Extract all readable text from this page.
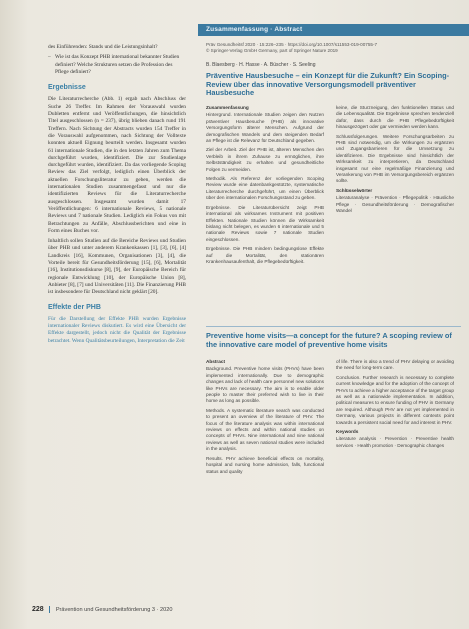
des Einführenden: Stands und die Leistungsinhalt?

– Wie ist das Konzept PHB international bekannter Studien definiert? Welche Strukturen setzen die Profession des Pflege definiert?
Ergebnisse

Die Literaturrecherche (Abb. 1) ergab nach Abschluss der Suche 26 Treffer. Im Rahmen der Vorauswahl wurden Dubletten entfernt und Veröffentlichungen, die hinsichtlich Titel ausgeschlossen (n = 237), übrig blieben danach rund 191 Treffern. Nach Sichtung der Abstracts wurden 154 Treffer in die Vorauswahl aufgenommen, nach Sichtung der Volltexte konnten aktuell Eignung beurteilt werden. Insgesamt wurden 61 internationale Studien, die in den letzten Jahren zum Thema durchgeführt wurden, identifiziert. Die zur Studienlage durchgeführt wurden, identifiziert. Da das vorliegende Scoping Review das Ziel verfolgt, lediglich einen Überblick der aktuellen Forschungsliteratur zu geben, werden die internationalen Studien zusammengefasst und nur die identifizierten Reviews für die Literaturrecherche ausgeschlossen. Insgesamt wurden damit 17 Veröffentlichungen: 6 internationale Reviews, 5 nationale Reviews und 7 nationale Studien. Lediglich ein Fokus von mit Betrachtungen zu Anfälle, Abschlussberichten und eine in Form eines Buches vor.

Inhaltlich sollen Studien auf die Bereiche Reviews und Studien über PHB und unter anderem Krankenkassen [1], [3], [6], [4] Landkreis [16], Kommunen, Organisationen [3], [4], die Vorteile bereit für Gesundheitsförderung [15], [6], Mortalität [16], Institutionsdiskurse [8], [9], der Europäische Bereich für regionale Entwicklung [10], der Europäische Union [8], Anbieter [8], [7] und Universitäten [11]. Die Finanzierung PHB ist insbesondere für Deutschland nicht geklärt [20].

Effekte der PHB

Für die Darstellung der Effekte PHB wurden Ergebnisse internationaler Reviews diskutiert. Es wird eine Übersicht der Effekte dargestellt, jedoch nicht die Qualität der Ergebnisse betrachtet. Wenn Qualitätsbeurteilungen, Interpretation die Zeit

Zusammenfassung · Abstract
Präv Gesundheitsf 2020 · 15:226–235 · https://doi.org/10.1007/s11553-019-00755-7
© Springer-Verlag GmbH Germany, part of Springer Nature 2019
B. Blaesberg · H. Hasse · A. Büscher · S. Seeling
Präventive Hausbesuche – ein Konzept für die Zukunft? Ein Scoping-Review über das innovative Versorgungsmodell präventiver Hausbesuche
Zusammenfassung

Hintergrund. Internationale Studien zeigen den Nutzen präventiver Hausbesuche (PHB) als innovative Versorgungsform älterer Menschen. Aufgrund der demografischen Wandels und dem steigenden Bedarf an Pflege ist die Relevanz für Deutschland gegeben.

Ziel der Arbeit. Ziel der PHB ist, älteren Menschen den Verbleib in ihrem Zuhause zu ermöglichen, ihre Selbstständigkeit zu erhalten und gesundheitliche Folgen zu vermeiden.

Methodik. Als Referenz der vorliegenden Scoping Review wurde eine datenbankgestützte, systematische Literaturrecherche durchgeführt, um einen Überblick über den internationalen Forschungsstand zu geben.

Ergebnisse. Die Literaturübersicht zeigt PHB international als wirksames Instrument mit positiven Effekten. Nationale Studien können die Wirksamkeit bislang nicht belegen, es wurden 6 internationale und 5 nationale Reviews sowie 7 nationale Studien eingeschlossen.

Ergebnisse. Die PHB mindern bedingungslose Effekte auf die Mortalität, den stationären Krankenhausaufenthalt, die Pflegebedürftigkeit.

keine, die Sturzneigung, den funktionellen Status und die Lebensqualität. Die Ergebnisse sprechen tendenziell dafür, dass durch die PHB Pflegebedürftigkeit hinausgezögert oder gar vermieden werden kann.

Schlussfolgerungen. Weitere Forschungsarbeiten zu PHB sind notwendig, um die Wirkungen zu ergänzen und Zugangsbarrieren für die Umsetzung zu identifizieren. Die Ergebnisse sind hinsichtlich der Wirksamkeit zu interpretieren, da Deutschland insgesamt nur eine regelmäßige Finanzierung und Verankerung von PHB im Versorgungsbereich ergänzen sollte.

Schlüsselwörter

Literaturanalyse · Prävention · Pflegepolitik · Häusliche Pflege · Gesundheitsförderung · Demografischer Wandel

Preventive home visits—a concept for the future? A scoping review of the innovative care model of preventive home visits
Abstract

Background. Preventive home visits (PHVs) have been implemented internationally. Due to demographic changes and lack of health care personnel new solutions like PHVs are necessary. The aim is to enable older people to master their preferred wish to live in their home as long as possible.

Methods. A systematic literature search was conducted to present an overview of the literature of PHV. The focus of the literature analysis was within international reviews on effects and within national studies on concepts of PHVs. Nine international and nine national reviews as well as seven national studies were included in the analysis.

Results. PHV achieve beneficial effects on mortality, hospital and nursing home admission, falls, functional status and quality

of life. There is also a trend of PHV delaying or avoiding the need for long-term care.

Conclusion. Further research is necessary to complete current knowledge and for the adoption of the concept of PHVs to achieve a higher acceptance of the target group as well as a nationwide implementation. In addition, political measures to ensure funding of PHV in Germany are required. Although PHV are not yet implemented in Germany, various projects in different contexts point towards a persistent social need for and interest in PHV.

Keywords

Literature analysis · Prevention · Preventive health services · Health promotion · Demographic changes

228 Prävention und Gesundheitsförderung 3 · 2020
